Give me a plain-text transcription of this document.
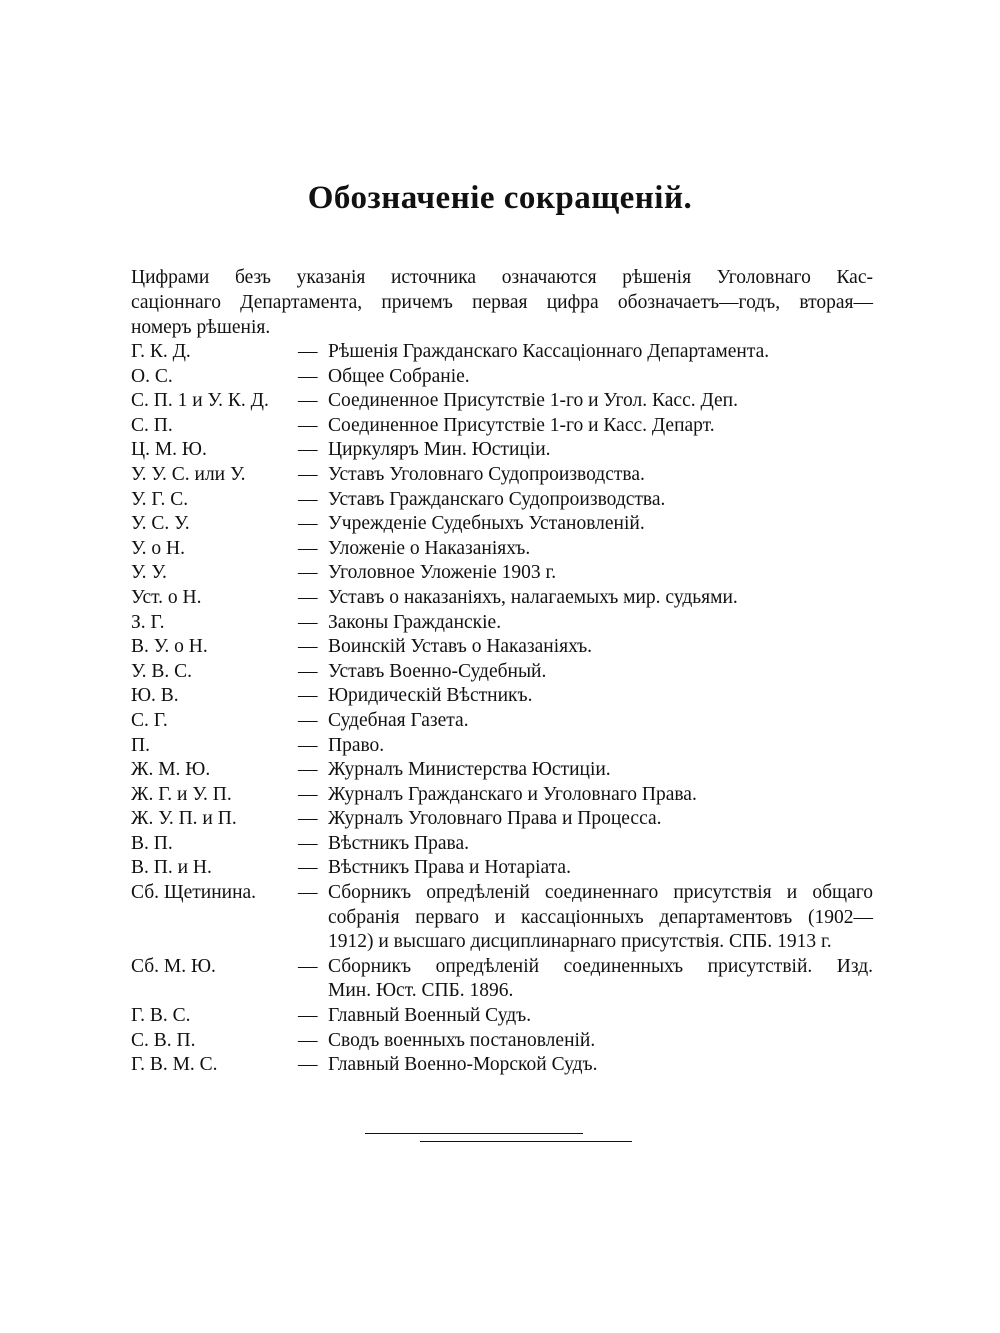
Обозначеніе сокращеній.
Цифрами безъ указанія источника означаются рѣшенія Уголовнаго Кас-
саціоннаго Департамента, причемъ первая цифра обозначаетъ—годъ, вторая—
номеръ рѣшенія.
Г. К. Д.	— Рѣшенія Гражданскаго Кассаціоннаго Департамента.
О. С.	— Общее Собраніе.
С. П. 1 и У. К. Д.	— Соединенное Присутствіе 1-го и Угол. Касс. Деп.
С. П.	— Соединенное Присутствіе 1-го и Касс. Департ.
Ц. М. Ю.	— Циркуляръ Мин. Юстиціи.
У. У. С. или У.	— Уставъ Уголовнаго Судопроизводства.
У. Г. С.	— Уставъ Гражданскаго Судопроизводства.
У. С. У.	— Учрежденіе Судебныхъ Установленій.
У. о Н.	— Уложеніе о Наказаніяхъ.
У. У.	— Уголовное Уложеніе 1903 г.
Уст. о Н.	— Уставъ о наказаніяхъ, налагаемыхъ мир. судьями.
З. Г.	— Законы Гражданскіе.
В. У. о Н.	— Воинскій Уставъ о Наказаніяхъ.
У. В. С.	— Уставъ Военно-Судебный.
Ю. В.	— Юридическій Вѣстникъ.
С. Г.	— Судебная Газета.
П.	— Право.
Ж. М. Ю.	— Журналъ Министерства Юстиціи.
Ж. Г. и У. П.	— Журналъ Гражданскаго и Уголовнаго Права.
Ж. У. П. и П.	— Журналъ Уголовнаго Права и Процесса.
В. П.	— Вѣстникъ Права.
В. П. и Н.	— Вѣстникъ Права и Нотаріата.
Сб. Щетинина.	— Сборникъ опредѣленій соединеннаго присутствія и общаго
собранія перваго и кассаціонныхъ департаментовъ (1902—
1912) и высшаго дисциплинарнаго присутствія. СПБ. 1913 г.
Сб. М. Ю.	— Сборникъ опредѣленій соединенныхъ присутствій. Изд.
Мин. Юст. СПБ. 1896.
Г. В. С.	— Главный Военный Судъ.
С. В. П.	— Сводъ военныхъ постановленій.
Г. В. М. С.	— Главный Военно-Морской Судъ.
